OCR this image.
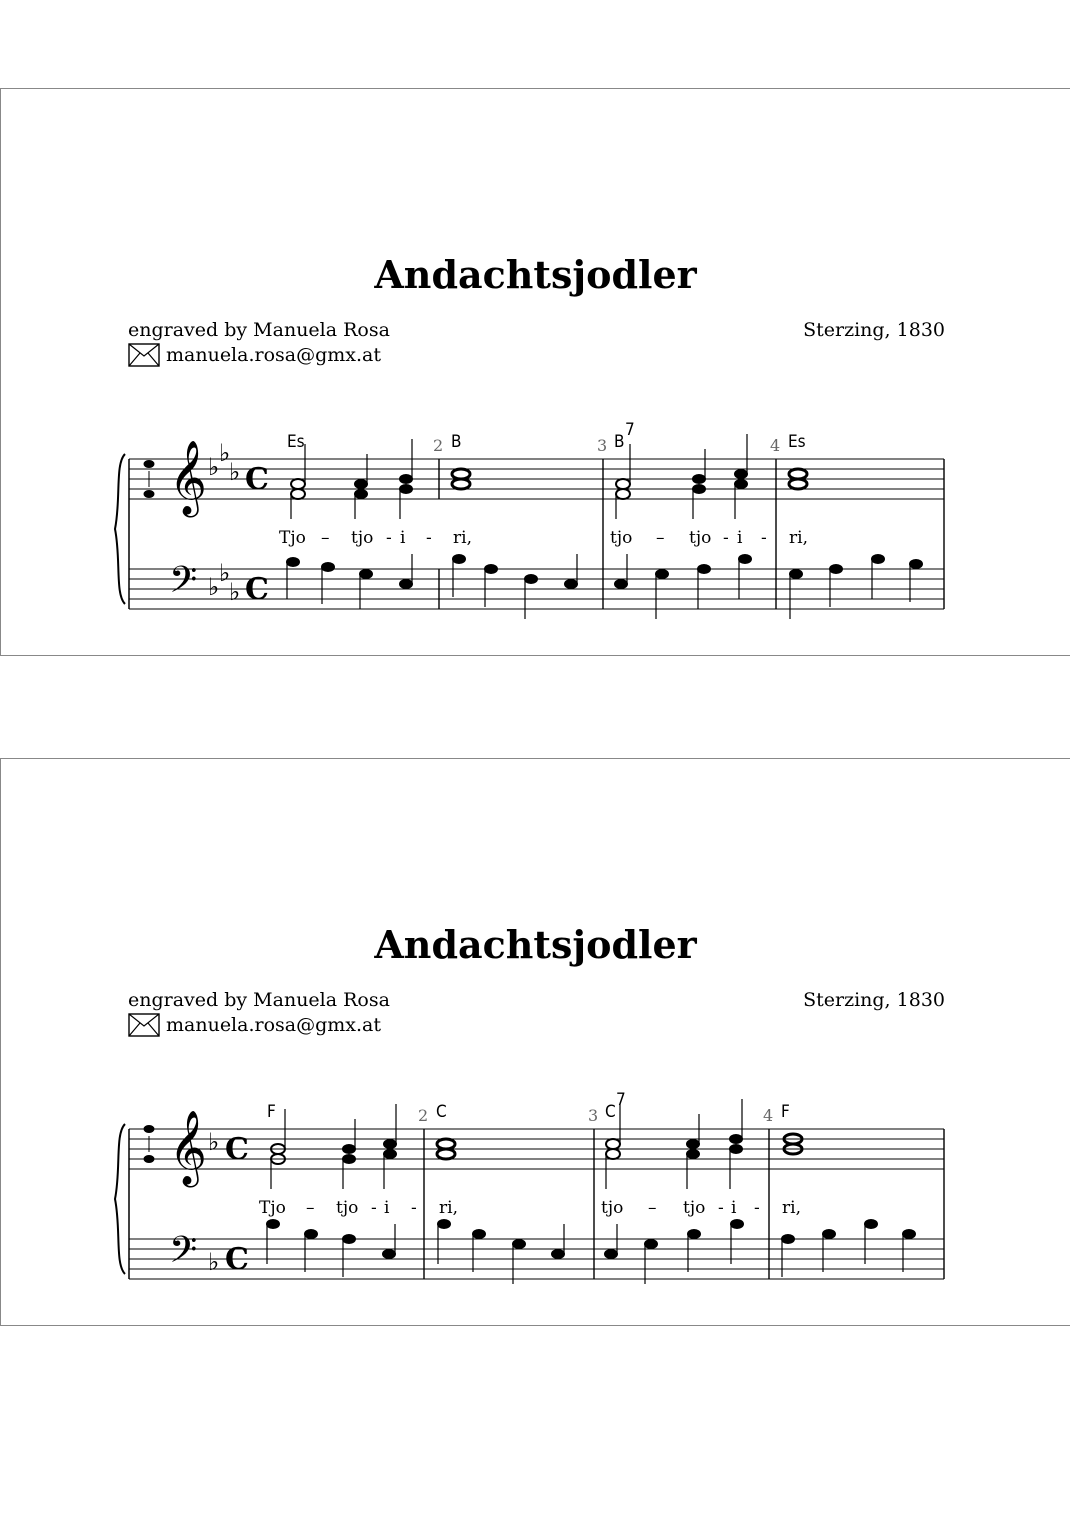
Andachtsjodler
engraved by Manuela Rosa
manuela.rosa@gmx.at
Sterzing, 1830
𝄞
𝄢
♭ ♭
♭
♭ ♭
♭
C
C
Es	B	B
7
Es
2	3	4
Tjo – tjo - i - ri,	tjo – tjo - i - ri,
Andachtsjodler
engraved by Manuela Rosa
manuela.rosa@gmx.at
Sterzing, 1830
𝄞
𝄢
♭
♭
C
C
F	C	C
7
F
2	3	4
Tjo – tjo - i - ri,	tjo – tjo - i - ri,
